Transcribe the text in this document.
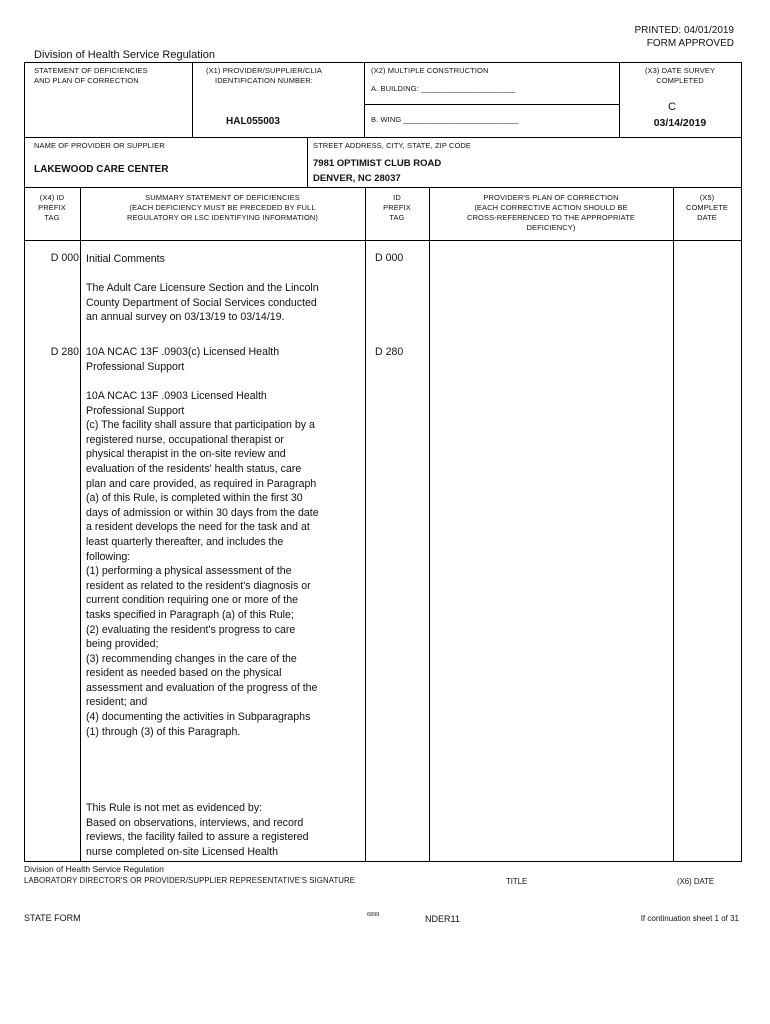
PRINTED: 04/01/2019
FORM APPROVED
Division of Health Service Regulation
STATEMENT OF DEFICIENCIES
AND PLAN OF CORRECTION
(X1) PROVIDER/SUPPLIER/CLIA
IDENTIFICATION NUMBER:
HAL055003
(X2) MULTIPLE CONSTRUCTION
A. BUILDING: ______________________
B. WING ___________________________
(X3) DATE SURVEY
COMPLETED
C
03/14/2019
NAME OF PROVIDER OR SUPPLIER
LAKEWOOD CARE CENTER
STREET ADDRESS, CITY, STATE, ZIP CODE
7981 OPTIMIST CLUB ROAD
DENVER, NC 28037
(X4) ID
PREFIX
TAG
SUMMARY STATEMENT OF DEFICIENCIES
(EACH DEFICIENCY MUST BE PRECEDED BY FULL
REGULATORY OR LSC IDENTIFYING INFORMATION)
ID
PREFIX
TAG
PROVIDER'S PLAN OF CORRECTION
(EACH CORRECTIVE ACTION SHOULD BE
CROSS-REFERENCED TO THE APPROPRIATE
DEFICIENCY)
(X5)
COMPLETE
DATE
D 000	D 000
Initial Comments

The Adult Care Licensure Section and the Lincoln

County Department of Social Services conducted

an annual survey on 03/13/19 to 03/14/19.

D 280	D 280

10A NCAC 13F .0903(c) Licensed Health

Professional Support

10A NCAC 13F .0903 Licensed Health

Professional Support

(c) The facility shall assure that participation by a

registered nurse, occupational therapist or

physical therapist in the on-site review and

evaluation of the residents' health status, care

plan and care provided, as required in Paragraph

(a) of this Rule, is completed within the first 30

days of admission or within 30 days from the date

a resident develops the need for the task and at

least quarterly thereafter, and includes the

following:

(1) performing a physical assessment of the

resident as related to the resident's diagnosis or

current condition requiring one or more of the

tasks specified in Paragraph (a) of this Rule;

(2) evaluating the resident's progress to care

being provided;

(3) recommending changes in the care of the

resident as needed based on the physical

assessment and evaluation of the progress of the

resident; and

(4) documenting the activities in Subparagraphs

(1) through (3) of this Paragraph.

This Rule is not met as evidenced by:

Based on observations, interviews, and record

reviews, the facility failed to assure a registered

nurse completed on-site Licensed Health

Division of Health Service Regulation
LABORATORY DIRECTOR'S OR PROVIDER/SUPPLIER REPRESENTATIVE'S SIGNATURE	TITLE	(X6) DATE
STATE FORM	6899	NDER11	If continuation sheet 1 of 31
